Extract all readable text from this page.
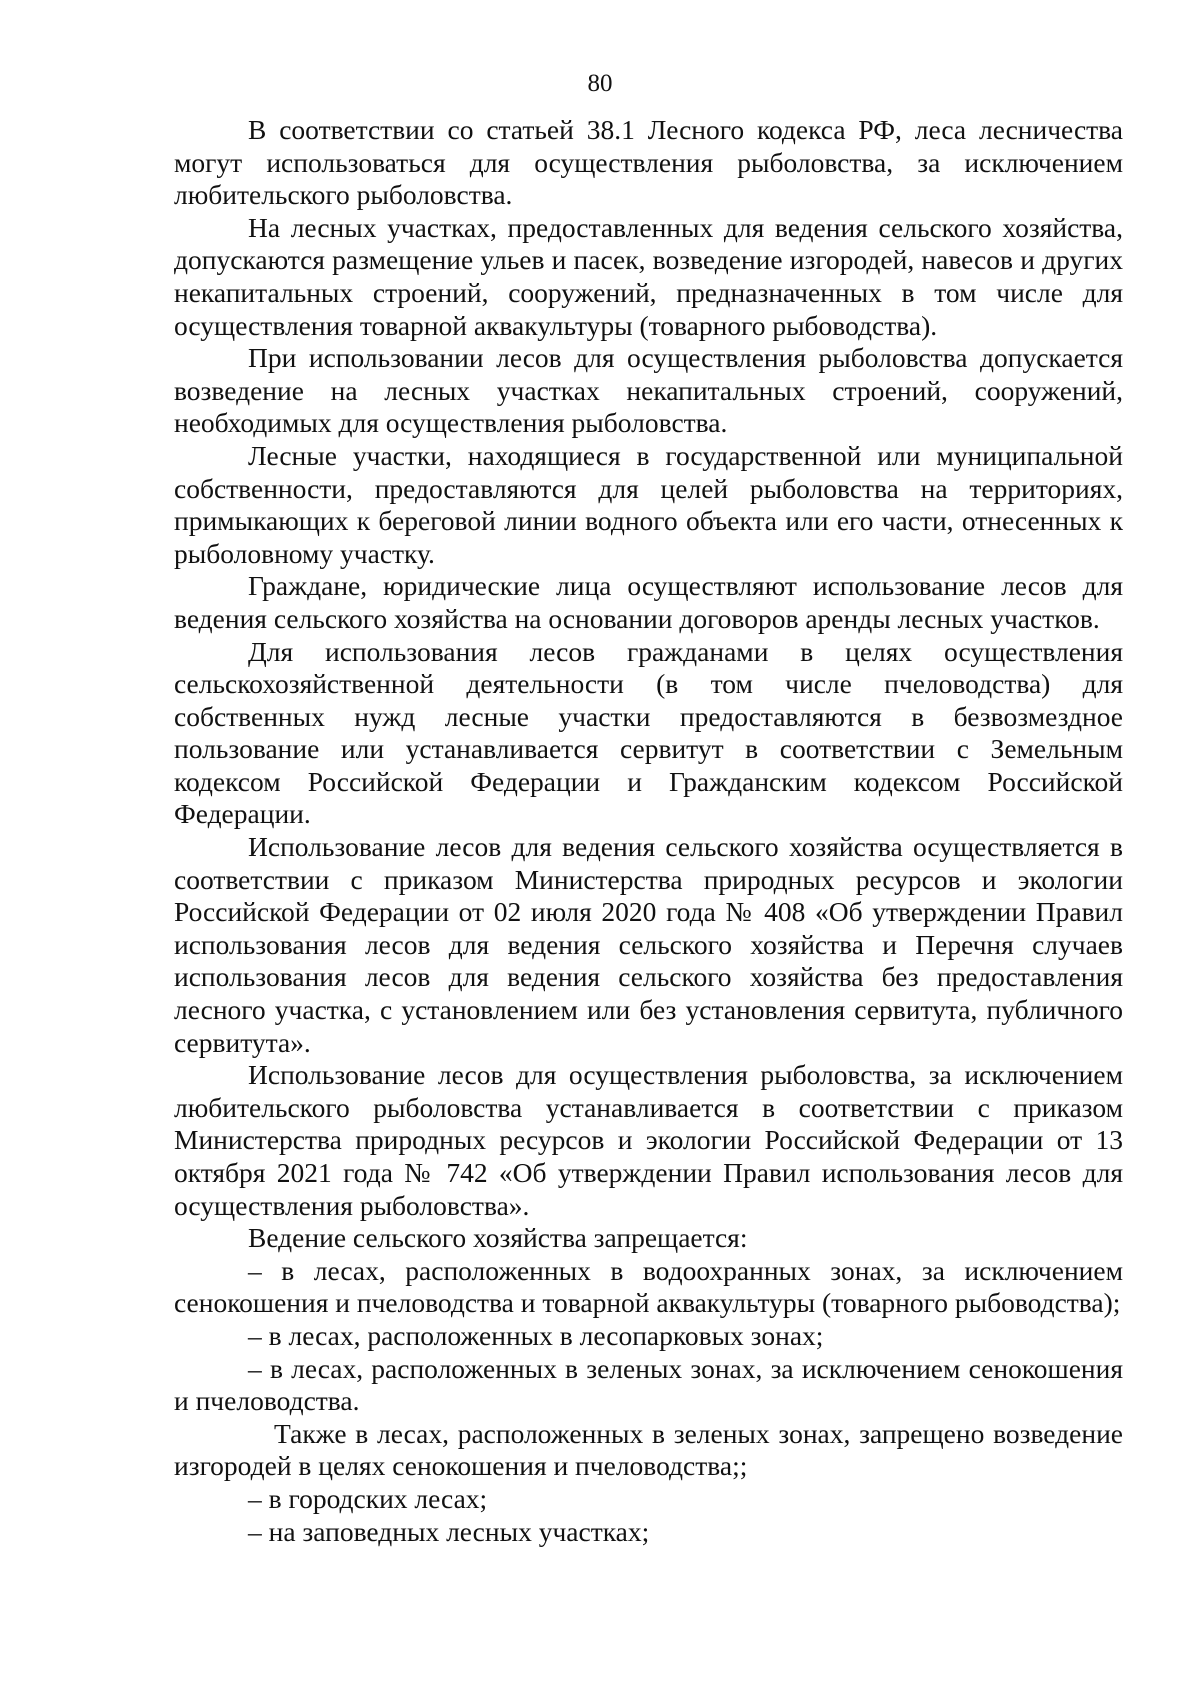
80

В соответствии со статьей 38.1 Лесного кодекса РФ, леса лесничества могут использоваться для осуществления рыболовства, за исключением любительского рыболовства.

На лесных участках, предоставленных для ведения сельского хозяйства, допускаются размещение ульев и пасек, возведение изгородей, навесов и других некапитальных строений, сооружений, предназначенных в том числе для осуществления товарной аквакультуры (товарного рыбоводства).

При использовании лесов для осуществления рыболовства допускается возведение на лесных участках некапитальных строений, сооружений, необходимых для осуществления рыболовства.

Лесные участки, находящиеся в государственной или муниципальной собственности, предоставляются для целей рыболовства на территориях, примыкающих к береговой линии водного объекта или его части, отнесенных к рыболовному участку.

Граждане, юридические лица осуществляют использование лесов для ведения сельского хозяйства на основании договоров аренды лесных участков.

Для использования лесов гражданами в целях осуществления сельскохозяйственной деятельности (в том числе пчеловодства) для собственных нужд лесные участки предоставляются в безвозмездное пользование или устанавливается сервитут в соответствии с Земельным кодексом Российской Федерации и Гражданским кодексом Российской Федерации.

Использование лесов для ведения сельского хозяйства осуществляется в соответствии с приказом Министерства природных ресурсов и экологии Российской Федерации от 02 июля 2020 года № 408 «Об утверждении Правил использования лесов для ведения сельского хозяйства и Перечня случаев использования лесов для ведения сельского хозяйства без предоставления лесного участка, с установлением или без установления сервитута, публичного сервитута».

Использование лесов для осуществления рыболовства, за исключением любительского рыболовства устанавливается в соответствии с приказом Министерства природных ресурсов и экологии Российской Федерации от 13 октября 2021 года № 742 «Об утверждении Правил использования лесов для осуществления рыболовства».

Ведение сельского хозяйства запрещается:

– в лесах, расположенных в водоохранных зонах, за исключением сенокошения и пчеловодства и товарной аквакультуры (товарного рыбоводства);

– в лесах, расположенных в лесопарковых зонах;

– в лесах, расположенных в зеленых зонах, за исключением сенокошения и пчеловодства.

Также в лесах, расположенных в зеленых зонах, запрещено возведение изгородей в целях сенокошения и пчеловодства;;

– в городских лесах;

– на заповедных лесных участках;
